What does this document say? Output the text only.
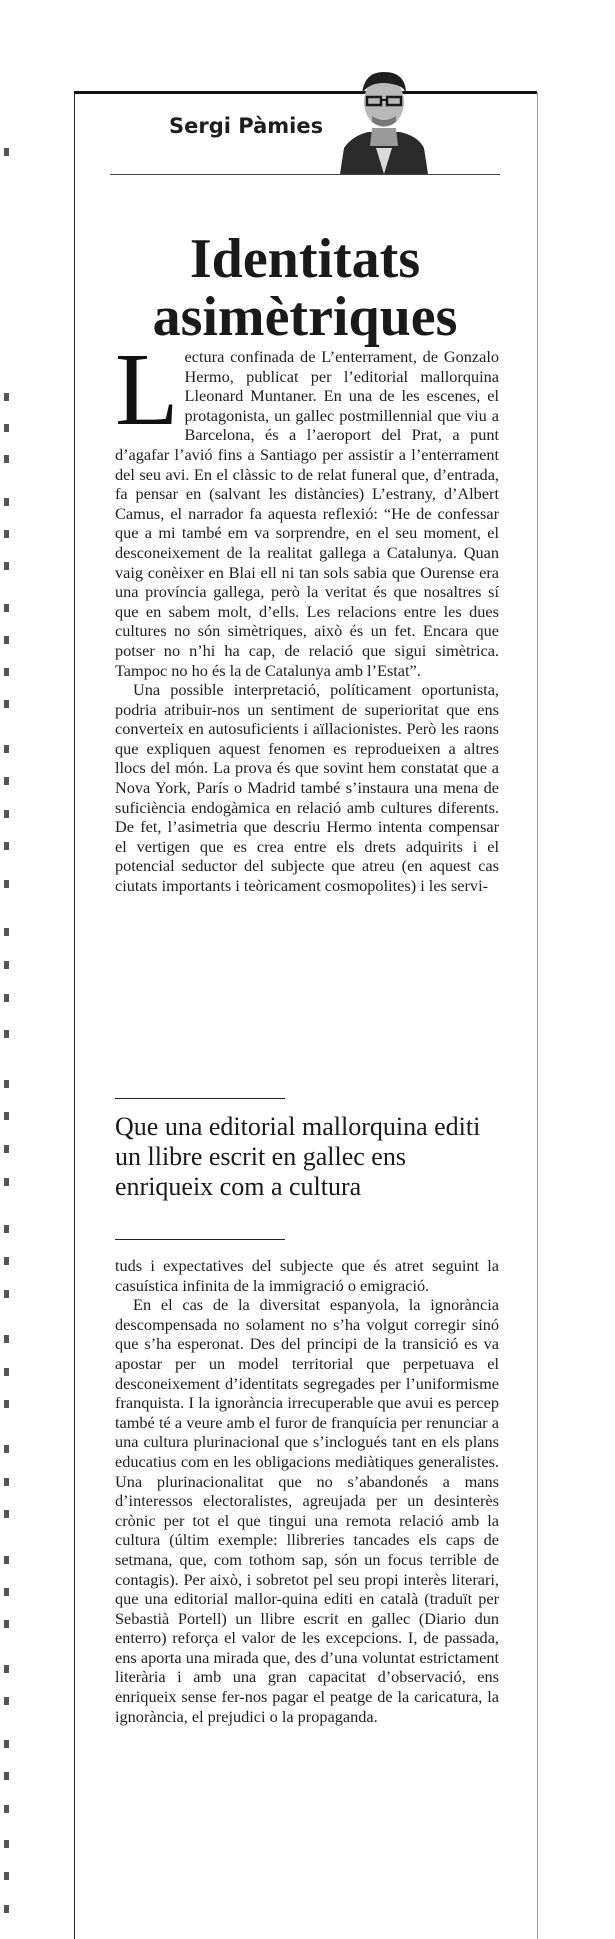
Sergi Pàmies
Identitats asimètriques

Lectura confinada de L’enterrament, de Gonzalo Hermo, publicat per l’editorial mallorquina Lleonard Muntaner. En una de les escenes, el protagonista, un gallec postmillennial que viu a Barcelona, és a l’aeroport del Prat, a punt d’agafar l’avió fins a Santiago per assistir a l’enterrament del seu avi. En el clàssic to de relat funeral que, d’entrada, fa pensar en (salvant les distàncies) L’estrany, d’Albert Camus, el narrador fa aquesta reflexió: “He de confessar que a mi també em va sorprendre, en el seu moment, el desconeixement de la realitat gallega a Catalunya. Quan vaig conèixer en Blai ell ni tan sols sabia que Ourense era una província gallega, però la veritat és que nosaltres sí que en sabem molt, d’ells. Les relacions entre les dues cultures no són simètriques, això és un fet. Encara que potser no n’hi ha cap, de relació que sigui simètrica. Tampoc no ho és la de Catalunya amb l’Estat”.

Una possible interpretació, políticament oportunista, podria atribuir-nos un sentiment de superioritat que ens converteix en autosuficients i aïllacionistes. Però les raons que expliquen aquest fenomen es reprodueixen a altres llocs del món. La prova és que sovint hem constatat que a Nova York, París o Madrid també s’instaura una mena de suficiència endogàmica en relació amb cultures diferents. De fet, l’asimetria que descriu Hermo intenta compensar el vertigen que es crea entre els drets adquirits i el potencial seductor del subjecte que atreu (en aquest cas ciutats importants i teòricament cosmopolites) i les servi-

Que una editorial mallorquina editi un llibre escrit en gallec ens enriqueix com a cultura

tuds i expectatives del subjecte que és atret seguint la casuística infinita de la immigració o emigració.

En el cas de la diversitat espanyola, la ignorància descompensada no solament no s’ha volgut corregir sinó que s’ha esperonat. Des del principi de la transició es va apostar per un model territorial que perpetuava el desconeixement d’identitats segregades per l’uniformisme franquista. I la ignorància irrecuperable que avui es percep també té a veure amb el furor de franquícia per renunciar a una cultura plurinacional que s’inclogués tant en els plans educatius com en les obligacions mediàtiques generalistes. Una plurinacionalitat que no s’abandonés a mans d’interessos electoralistes, agreujada per un desinterès crònic per tot el que tingui una remota relació amb la cultura (últim exemple: llibreries tancades els caps de setmana, que, com tothom sap, són un focus terrible de contagis). Per això, i sobretot pel seu propi interès literari, que una editorial mallor-quina editi en català (traduït per Sebastià Portell) un llibre escrit en gallec (Diario dun enterro) reforça el valor de les excepcions. I, de passada, ens aporta una mirada que, des d’una voluntat estrictament literària i amb una gran capacitat d’observació, ens enriqueix sense fer-nos pagar el peatge de la caricatura, la ignorància, el prejudici o la propaganda.
